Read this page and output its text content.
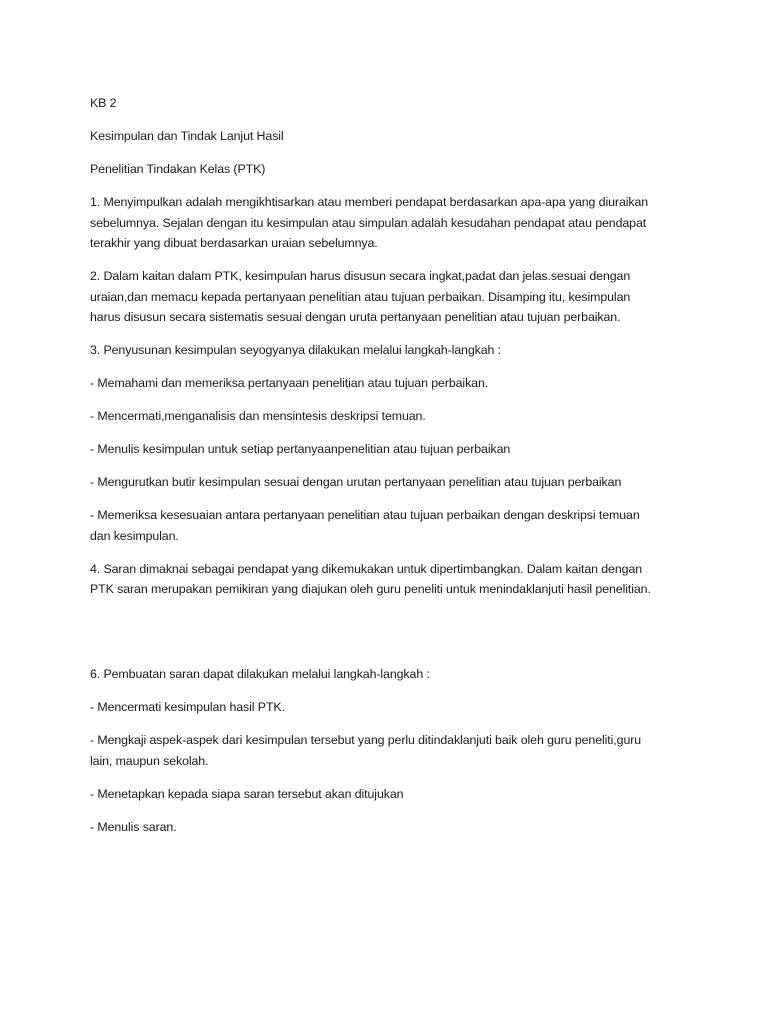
KB 2

Kesimpulan dan Tindak Lanjut Hasil

Penelitian Tindakan Kelas (PTK)

1. Menyimpulkan adalah mengikhtisarkan atau memberi pendapat berdasarkan apa-apa yang diuraikan
sebelumnya. Sejalan dengan itu kesimpulan atau simpulan adalah kesudahan pendapat atau pendapat
terakhir yang dibuat berdasarkan uraian sebelumnya.

2. Dalam kaitan dalam PTK, kesimpulan harus disusun secara ingkat,padat dan jelas.sesuai dengan
uraian,dan memacu kepada pertanyaan penelitian atau tujuan perbaikan. Disamping itu, kesimpulan
harus disusun secara sistematis sesuai dengan uruta pertanyaan penelitian atau tujuan perbaikan.

3. Penyusunan kesimpulan seyogyanya dilakukan melalui langkah-langkah :

- Memahami dan memeriksa pertanyaan penelitian atau tujuan perbaikan.

- Mencermati,menganalisis dan mensintesis deskripsi temuan.

- Menulis kesimpulan untuk setiap pertanyaanpenelitian atau tujuan perbaikan

- Mengurutkan butir kesimpulan sesuai dengan urutan pertanyaan penelitian atau tujuan perbaikan

- Memeriksa kesesuaian antara pertanyaan penelitian atau tujuan perbaikan dengan deskripsi temuan
dan kesimpulan.

4. Saran dimaknai sebagai pendapat yang dikemukakan untuk dipertimbangkan. Dalam kaitan dengan
PTK saran merupakan pemikiran yang diajukan oleh guru peneliti untuk menindaklanjuti hasil penelitian.

6. Pembuatan saran dapat dilakukan melalui langkah-langkah :

- Mencermati kesimpulan hasil PTK.

- Mengkaji aspek-aspek dari kesimpulan tersebut yang perlu ditindaklanjuti baik oleh guru peneliti,guru
lain, maupun sekolah.

- Menetapkan kepada siapa saran tersebut akan ditujukan

- Menulis saran.
